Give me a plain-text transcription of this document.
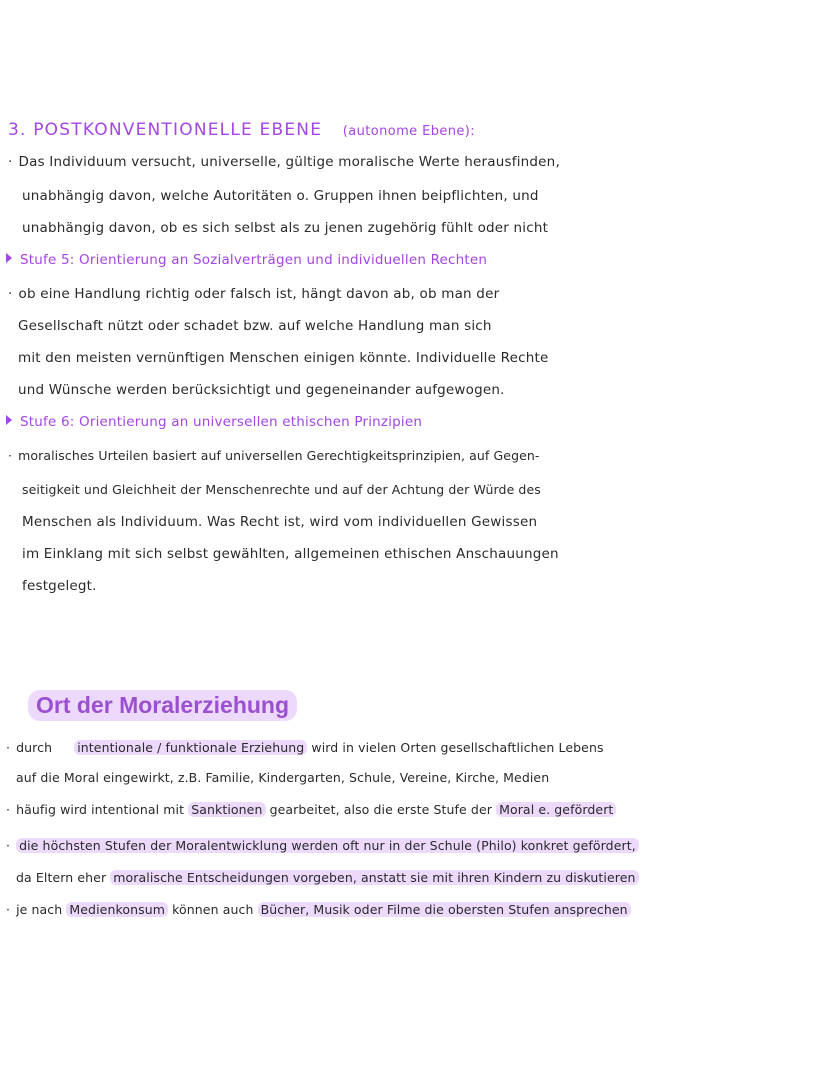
3. POSTKONVENTIONELLE EBENE (autonome Ebene):
· Das Individuum versucht, universelle, gültige moralische Werte herausfinden,
unabhängig davon, welche Autoritäten o. Gruppen ihnen beipflichten, und
unabhängig davon, ob es sich selbst als zu jenen zugehörig fühlt oder nicht
Stufe 5: Orientierung an Sozialverträgen und individuellen Rechten
· ob eine Handlung richtig oder falsch ist, hängt davon ab, ob man der
Gesellschaft nützt oder schadet bzw. auf welche Handlung man sich
mit den meisten vernünftigen Menschen einigen könnte. Individuelle Rechte
und Wünsche werden berücksichtigt und gegeneinander aufgewogen.
Stufe 6: Orientierung an universellen ethischen Prinzipien
· moralisches Urteilen basiert auf universellen Gerechtigkeitsprinzipien, auf Gegen-
seitigkeit und Gleichheit der Menschenrechte und auf der Achtung der Würde des
Menschen als Individuum. Was Recht ist, wird vom individuellen Gewissen
im Einklang mit sich selbst gewählten, allgemeinen ethischen Anschauungen
festgelegt.
Ort der Moralerziehung
· durch intentionale / funktionale Erziehung wird in vielen Orten gesellschaftlichen Lebens
auf die Moral eingewirkt, z.B. Familie, Kindergarten, Schule, Vereine, Kirche, Medien
· häufig wird intentional mit Sanktionen gearbeitet, also die erste Stufe der Moral e. gefördert
· die höchsten Stufen der Moralentwicklung werden oft nur in der Schule (Philo) konkret gefördert,
da Eltern eher moralische Entscheidungen vorgeben, anstatt sie mit ihren Kindern zu diskutieren
· je nach Medienkonsum können auch Bücher, Musik oder Filme die obersten Stufen ansprechen
